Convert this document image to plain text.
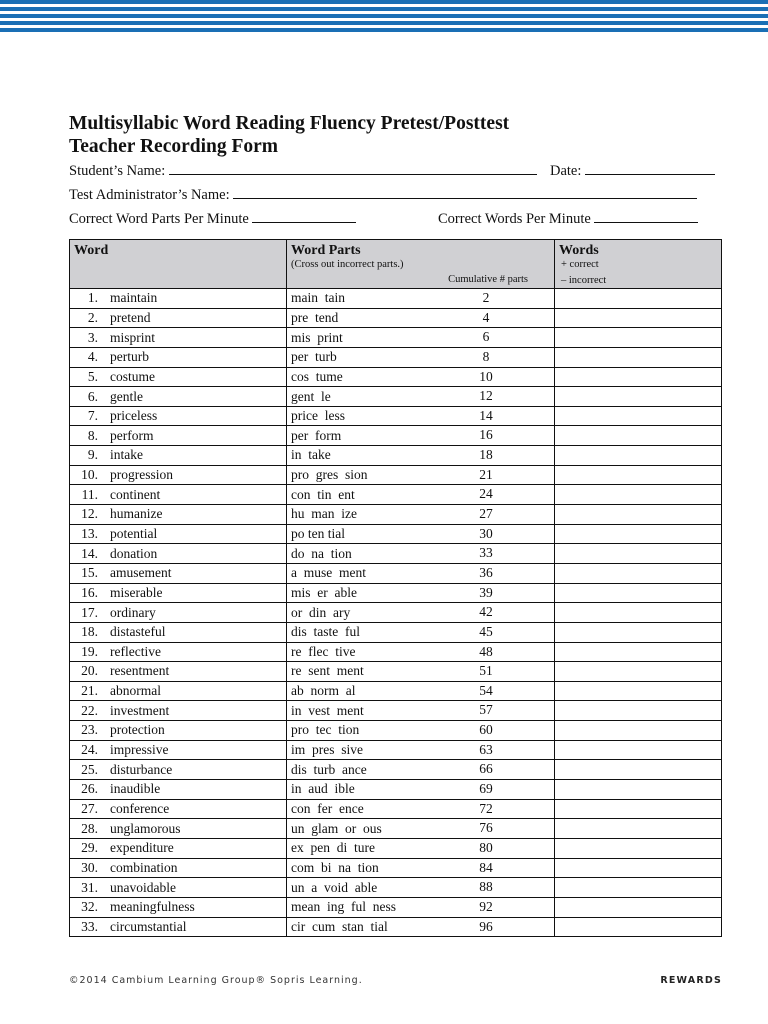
Multisyllabic Word Reading Fluency Pretest/Posttest
Teacher Recording Form
Student’s Name:	Date:
Test Administrator’s Name:
Correct Word Parts Per Minute	Correct Words Per Minute
Word	Word Parts
(Cross out incorrect parts.)
Cumulative # parts	Words
+ correct
– incorrect

1. maintain	main  tain 2	

2. pretend	pre  tend 4	

3. misprint	mis  print 6	

4. perturb	per  turb 8	

5. costume	cos  tume 10	

6. gentle	gent  le 12	

7. priceless	price  less 14	

8. perform	per  form 16	

9. intake	in  take 18	

10. progression	pro  gres  sion 21	

11. continent	con  tin  ent 24	

12. humanize	hu  man  ize 27	

13. potential	po ten tial 30	

14. donation	do  na  tion 33	

15. amusement	a  muse  ment 36	

16. miserable	mis  er  able 39	

17. ordinary	or  din  ary 42	

18. distasteful	dis  taste  ful 45	

19. reflective	re  flec  tive 48	

20. resentment	re  sent  ment 51	

21. abnormal	ab  norm  al 54	

22. investment	in  vest  ment 57	

23. protection	pro  tec  tion 60	

24. impressive	im  pres  sive 63	

25. disturbance	dis  turb  ance 66	

26. inaudible	in  aud  ible 69	

27. conference	con  fer  ence 72	

28. unglamorous	un  glam  or  ous 76	

29. expenditure	ex  pen  di  ture 80	

30. combination	com  bi  na  tion 84	

31. unavoidable	un  a  void  able 88	

32. meaningfulness	mean  ing  ful  ness 92	

33. circumstantial	cir  cum  stan  tial 96	

©2014 Cambium Learning Group® Sopris Learning.	REWARDS
